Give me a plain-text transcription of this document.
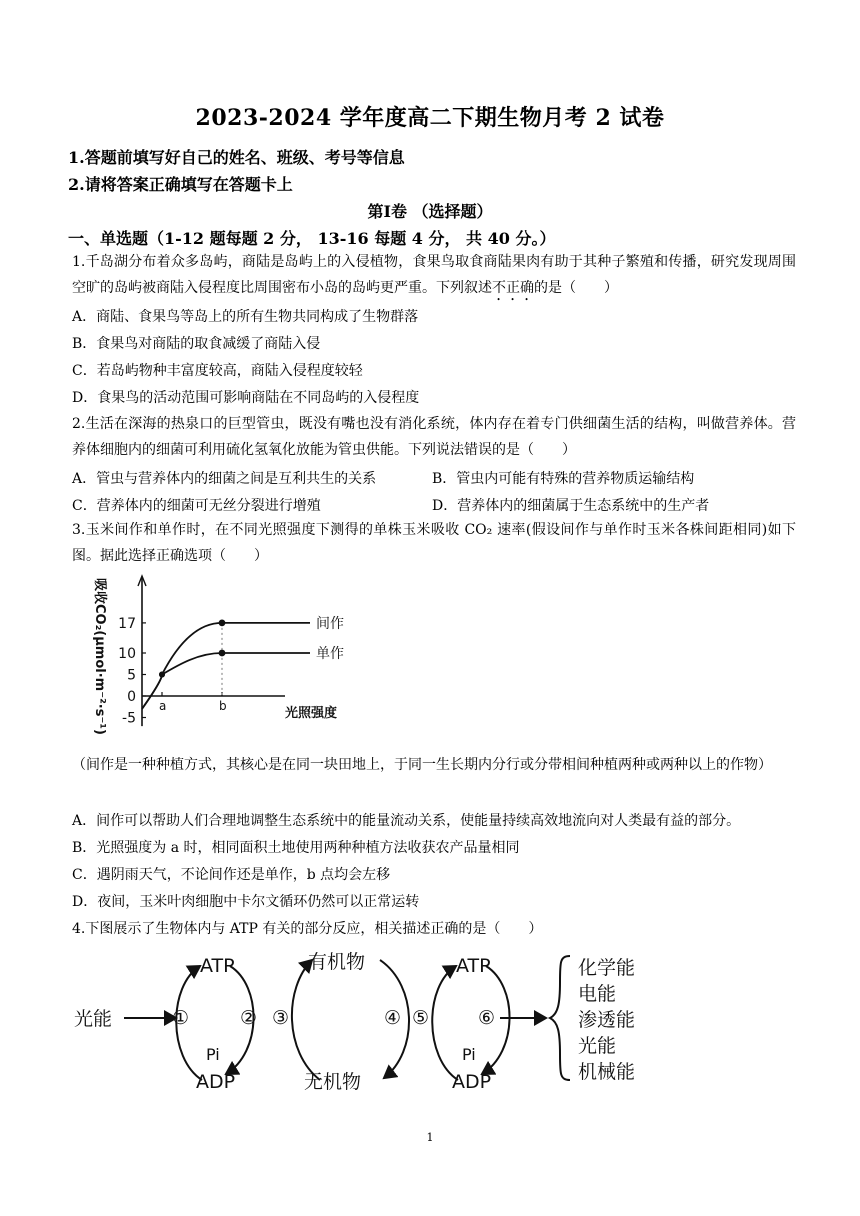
2023-2024 学年度高二下期生物月考 2 试卷
1.答题前填写好自己的姓名、班级、考号等信息
2.请将答案正确填写在答题卡上
第Ⅰ卷 （选择题）
一、单选题（1-12 题每题 2 分， 13-16 每题 4 分， 共 40 分。）
1.千岛湖分布着众多岛屿，商陆是岛屿上的入侵植物，食果鸟取食商陆果肉有助于其种子繁殖和传播，研究发现周围空旷的岛屿被商陆入侵程度比周围密布小岛的岛屿更严重。下列叙述不正确的是（　　）
A．商陆、食果鸟等岛上的所有生物共同构成了生物群落
B．食果鸟对商陆的取食减缓了商陆入侵
C．若岛屿物种丰富度较高，商陆入侵程度较轻
D．食果鸟的活动范围可影响商陆在不同岛屿的入侵程度
2.生活在深海的热泉口的巨型管虫，既没有嘴也没有消化系统，体内存在着专门供细菌生活的结构，叫做营养体。营养体细胞内的细菌可利用硫化氢氧化放能为管虫供能。下列说法错误的是（　　）
A．管虫与营养体内的细菌之间是互利共生的关系	B．管虫内可能有特殊的营养物质运输结构
C．营养体内的细菌可无丝分裂进行增殖	D．营养体内的细菌属于生态系统中的生产者
3.玉米间作和单作时，在不同光照强度下测得的单株玉米吸收 CO₂ 速率(假设间作与单作时玉米各株间距相同)如下图。据此选择正确选项（　　）
17
10
5
0
-5
a	b	光照强度
吸收CO₂(μmol·m⁻²·s⁻¹)	间作
单作
（间作是一种种植方式，其核心是在同一块田地上，于同一生长期内分行或分带相间种植两种或两种以上的作物）
A．间作可以帮助人们合理地调整生态系统中的能量流动关系，使能量持续高效地流向对人类最有益的部分。
B．光照强度为 a 时，相同面积土地使用两种种植方法收获农产品量相同
C．遇阴雨天气，不论间作还是单作，b 点均会左移
D．夜间，玉米叶肉细胞中卡尔文循环仍然可以正常运转
4.下图展示了生物体内与 ATP 有关的部分反应，相关描述正确的是（　　）
光能
ATP
Pi
ADP
有机物
无机物
ATP
Pi
ADP
①	② ③	④ ⑤	⑥
化学能
电能
渗透能
光能
机械能
1
